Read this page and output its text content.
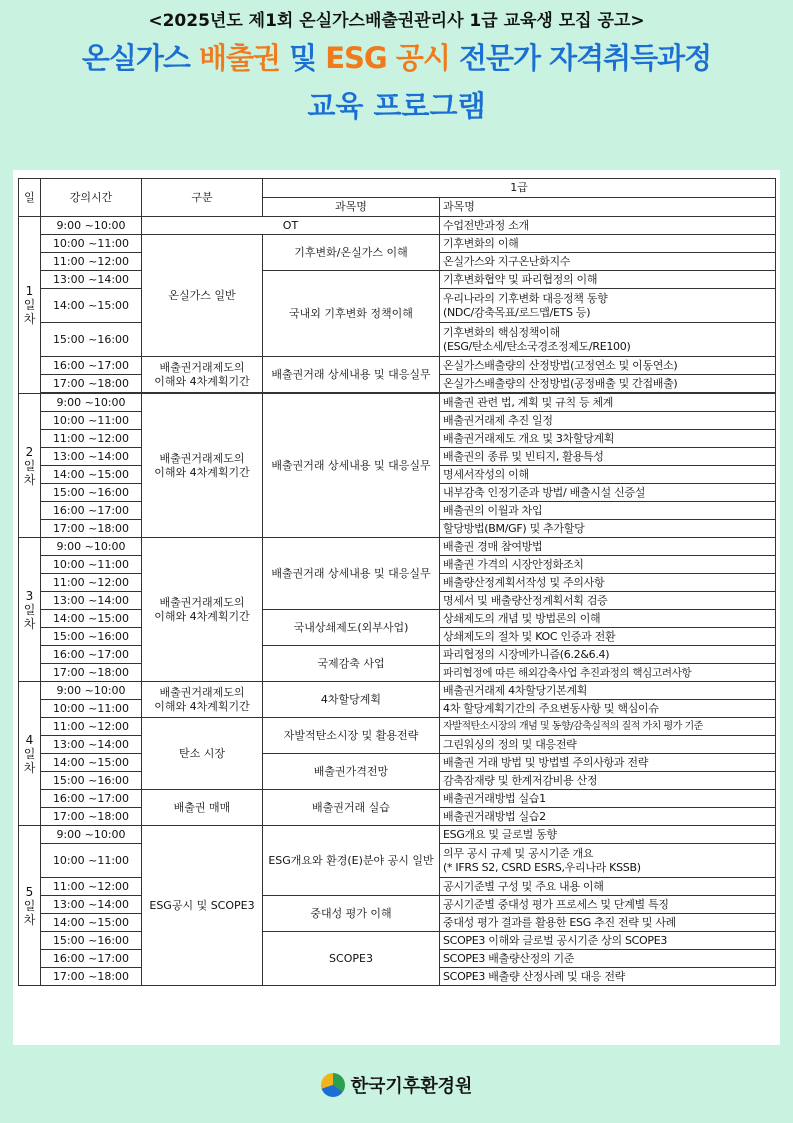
<2025년도 제1회 온실가스배출권관리사 1급 교육생 모집 공고>
온실가스 배출권 및 ESG 공시 전문가 자격취득과정
교육 프로그램
일	강의시간	구분	1급	
			과목명	과목명
1
일
차	9:00 ~10:00	OT		수업전반과정 소개
	10:00 ~11:00	온실가스 일반	기후변화/온실가스 이해	기후변화의 이해
	11:00 ~12:00			온실가스와 지구온난화지수
	13:00 ~14:00		국내외 기후변화 정책이해	기후변화협약 및 파리협정의 이해
	14:00 ~15:00			우리나라의 기후변화 대응정책 동향
(NDC/감축목표/로드맵/ETS 등)
	15:00 ~16:00			기후변화의 핵심정책이해
(ESG/탄소세/탄소국경조정제도/RE100)
	16:00 ~17:00	배출권거래제도의
이해와 4차계획기간	배출권거래 상세내용 및 대응실무	온실가스배출량의 산정방법(고정연소 및 이동연소)
	17:00 ~18:00			온실가스배출량의 산정방법(공정배출 및 간접배출)

2
일
차	9:00 ~10:00	배출권거래제도의
이해와 4차계획기간	배출권거래 상세내용 및 대응실무	배출권 관련 법, 계획 및 규칙 등 체계
	10:00 ~11:00			배출권거래제 추진 일정
	11:00 ~12:00			배출권거래제도 개요 및 3차할당계획
	13:00 ~14:00			배출권의 종류 및 빈티지, 활용특성
	14:00 ~15:00			명세서작성의 이해
	15:00 ~16:00			내부감축 인정기준과 방법/ 배출시설 신증설
	16:00 ~17:00			배출권의 이월과 차입
	17:00 ~18:00			할당방법(BM/GF) 및 추가할당
3
일
차	9:00 ~10:00	배출권거래제도의
이해와 4차계획기간	배출권거래 상세내용 및 대응실무	배출권 경매 참여방법
	10:00 ~11:00			배출권 가격의 시장안정화조치
	11:00 ~12:00			배출량산정계획서작성 및 주의사항
	13:00 ~14:00			명세서 및 배출량산정계획서획 검증
	14:00 ~15:00		국내상쇄제도(외부사업)	상쇄제도의 개념 및 방법론의 이해
	15:00 ~16:00			상쇄제도의 절차 및 KOC 인증과 전환
	16:00 ~17:00		국제감축 사업	파리협정의 시장메카니즘(6.2&6.4)
	17:00 ~18:00			파리협정에 따른 해외감축사업 추진과정의 핵심고려사항
4
일
차	9:00 ~10:00	배출권거래제도의
이해와 4차계획기간	4차할당계획	배출권거래제 4차할당기본계획
	10:00 ~11:00			4차 할당계획기간의 주요변동사항 및 핵심이슈
	11:00 ~12:00	탄소 시장	자발적탄소시장 및 활용전략	자발적탄소시장의 개념 및 동향/감축실적의 질적 가치 평가 기준
	13:00 ~14:00			그린워싱의 정의 및 대응전략
	14:00 ~15:00		배출권가격전망	배출권 거래 방법 및 방법별 주의사항과 전략
	15:00 ~16:00			감축잠재량 및 한계저감비용 산정
	16:00 ~17:00	배출권 매매	배출권거래 실습	배출권거래방법 실습1
	17:00 ~18:00			배출권거래방법 실습2
5
일
차	9:00 ~10:00	ESG공시 및 SCOPE3	ESG개요와 환경(E)분야 공시 일반	ESG개요 및 글로벌 동향
	10:00 ~11:00			의무 공시 규제 및 공시기준 개요
(* IFRS S2, CSRD ESRS,우리나라 KSSB)
	11:00 ~12:00			공시기준별 구성 및 주요 내용 이해
	13:00 ~14:00		중대성 평가 이해	공시기준별 중대성 평가 프로세스 및 단계별 특징
	14:00 ~15:00			중대성 평가 결과를 활용한 ESG 추진 전략 및 사례
	15:00 ~16:00		SCOPE3	SCOPE3 이해와 글로벌 공시기준 상의 SCOPE3
	16:00 ~17:00			SCOPE3 배출량산정의 기준
	17:00 ~18:00			SCOPE3 배출량 산정사례 및 대응 전략
한국기후환경원
